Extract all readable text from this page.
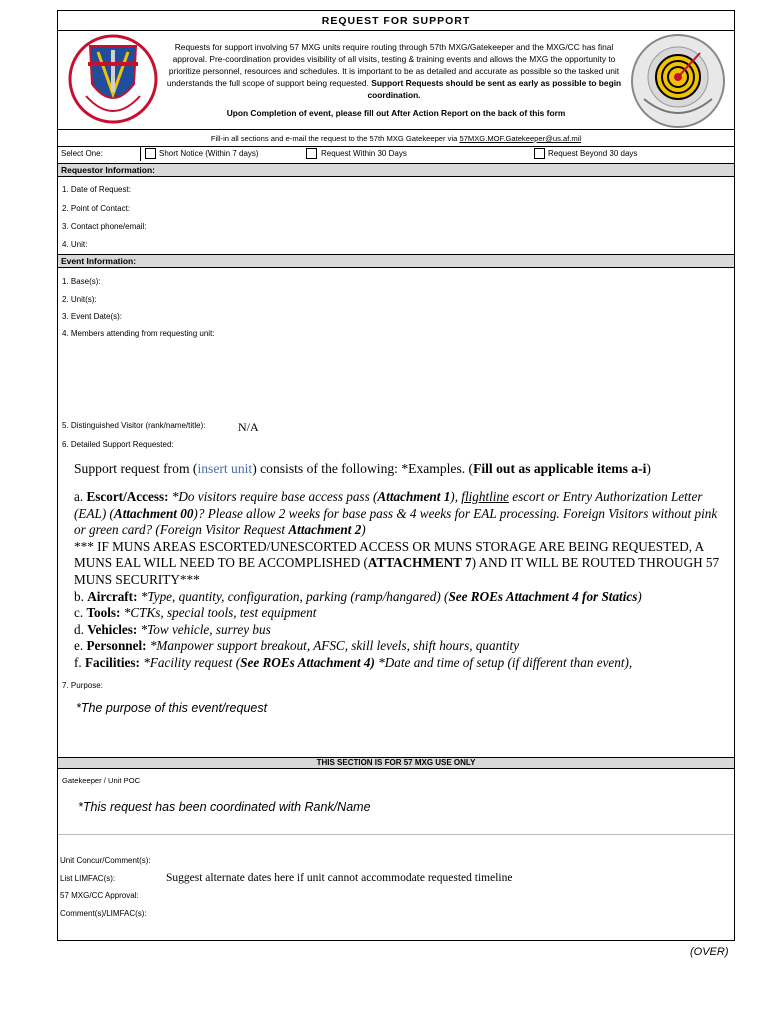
REQUEST FOR SUPPORT
Requests for support involving 57 MXG units require routing through 57th MXG/Gatekeeper and the MXG/CC has final approval. Pre-coordination provides visibility of all visits, testing & training events and allows the MXG the opportunity to prioritize personnel, resources and schedules. It is important to be as detailed and accurate as possible so the tasked unit understands the full scope of support being requested. Support Requests should be sent as early as possible to begin coordination.
Upon Completion of event, please fill out After Action Report on the back of this form
Fill-in all sections and e-mail the request to the 57th MXG Gatekeeper via 57MXG.MOF.Gatekeeper@us.af.mil
Select One:	Short Notice (Within 7 days)	Request Within 30 Days	Request Beyond 30 days
Requestor Information:
1. Date of Request:
2. Point of Contact:
3. Contact phone/email:
4. Unit:
Event Information:
1. Base(s):
2. Unit(s):
3. Event Date(s):
4. Members attending from requesting unit:
5. Distinguished Visitor (rank/name/title):	N/A
6. Detailed Support Requested:
Support request from (insert unit) consists of the following: *Examples. (Fill out as applicable items a-i)
a. Escort/Access: *Do visitors require base access pass (Attachment 1), flightline escort or Entry Authorization Letter (EAL) (Attachment 00)? Please allow 2 weeks for base pass & 4 weeks for EAL processing. Foreign Visitors without pink or green card? (Foreign Visitor Request Attachment 2)
*** IF MUNS AREAS ESCORTED/UNESCORTED ACCESS OR MUNS STORAGE ARE BEING REQUESTED, A MUNS EAL WILL NEED TO BE ACCOMPLISHED (ATTACHMENT 7) AND IT WILL BE ROUTED THROUGH 57 MUNS SECURITY***
b. Aircraft: *Type, quantity, configuration, parking (ramp/hangared) (See ROEs Attachment 4 for Statics)
c. Tools: *CTKs, special tools, test equipment
d. Vehicles: *Tow vehicle, surrey bus
e. Personnel: *Manpower support breakout, AFSC, skill levels, shift hours, quantity
f. Facilities: *Facility request (See ROEs Attachment 4) *Date and time of setup (if different than event),
7. Purpose:
*The purpose of this event/request
THIS SECTION IS FOR 57 MXG USE ONLY
Gatekeeper / Unit POC
*This request has been coordinated with Rank/Name
Unit Concur/Comment(s):
List LIMFAC(s):	Suggest alternate dates here if unit cannot accommodate requested timeline
57 MXG/CC Approval:
Comment(s)/LIMFAC(s):
(OVER)
